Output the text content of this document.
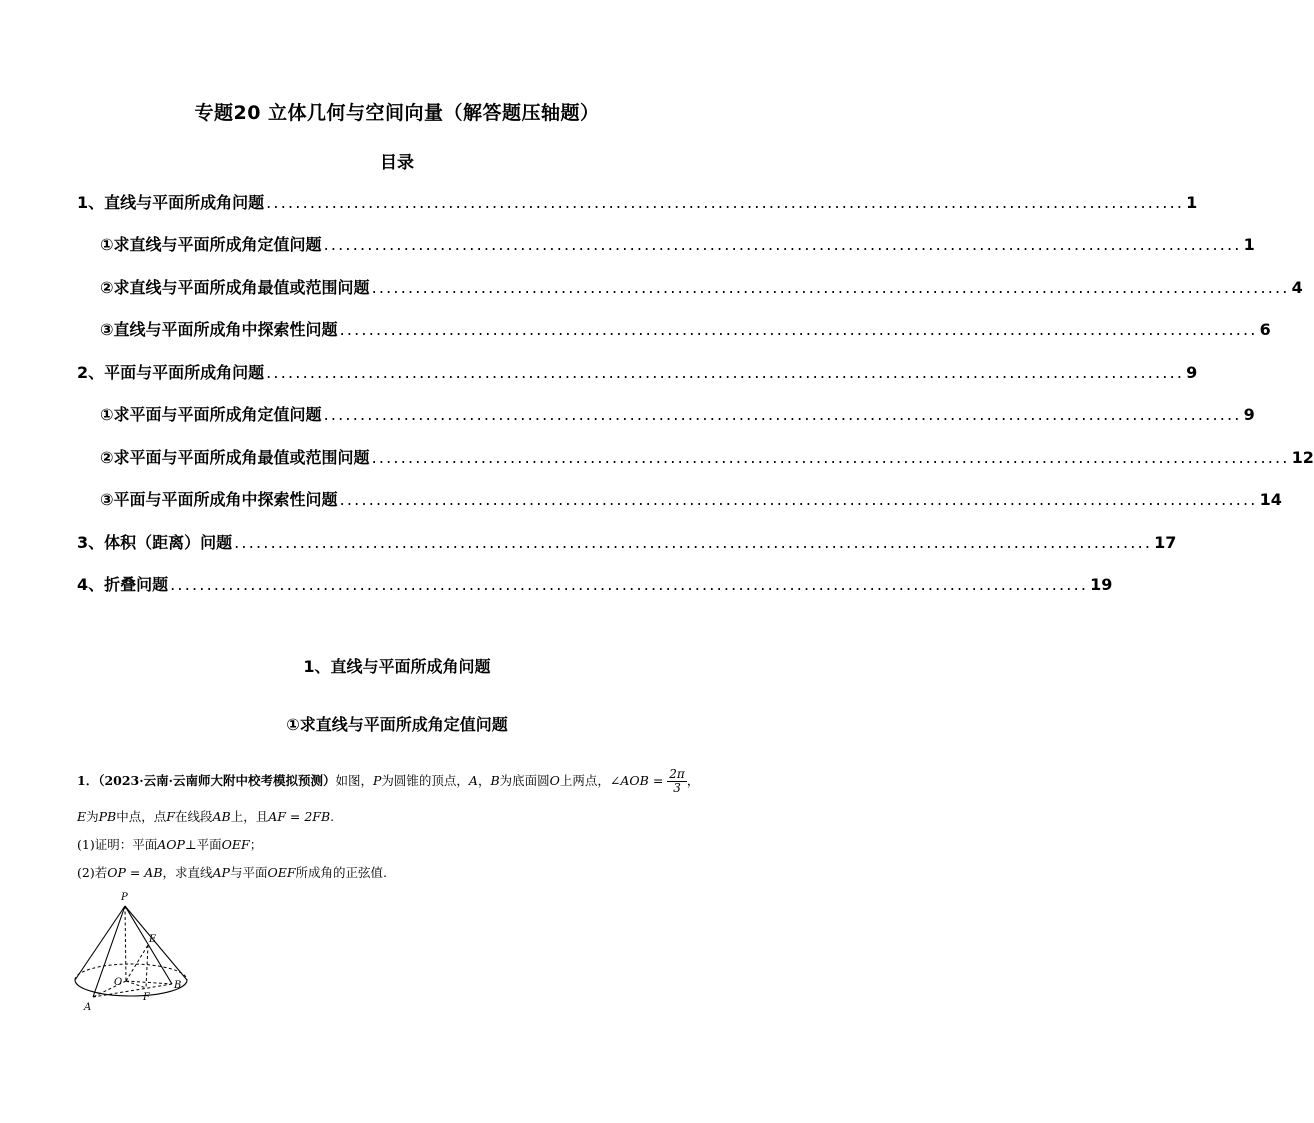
专题20 立体几何与空间向量（解答题压轴题）
目录
1、直线与平面所成角问题 .............................................................................................................................. 1
①求直线与平面所成角定值问题 .............................................................................................................................. 1
②求直线与平面所成角最值或范围问题 .............................................................................................................................. 4
③直线与平面所成角中探索性问题 .............................................................................................................................. 6
2、平面与平面所成角问题 .............................................................................................................................. 9
①求平面与平面所成角定值问题 .............................................................................................................................. 9
②求平面与平面所成角最值或范围问题 .............................................................................................................................. 12
③平面与平面所成角中探索性问题 .............................................................................................................................. 14
3、体积（距离）问题 .............................................................................................................................. 17
4、折叠问题 .............................................................................................................................. 19
1、直线与平面所成角问题
①求直线与平面所成角定值问题
1．（2023·云南·云南师大附中校考模拟预测）如图，P为圆锥的顶点，A，B为底面圆O上两点，∠AOB = $\frac{2\pi}{3}$ ，
E为PB中点，点F在线段AB上，且AF = 2FB.
(1)证明：平面AOP⊥平面OEF；
(2)若OP = AB，求直线AP与平面OEF所成角的正弦值.
P
E
O
F
B
A
